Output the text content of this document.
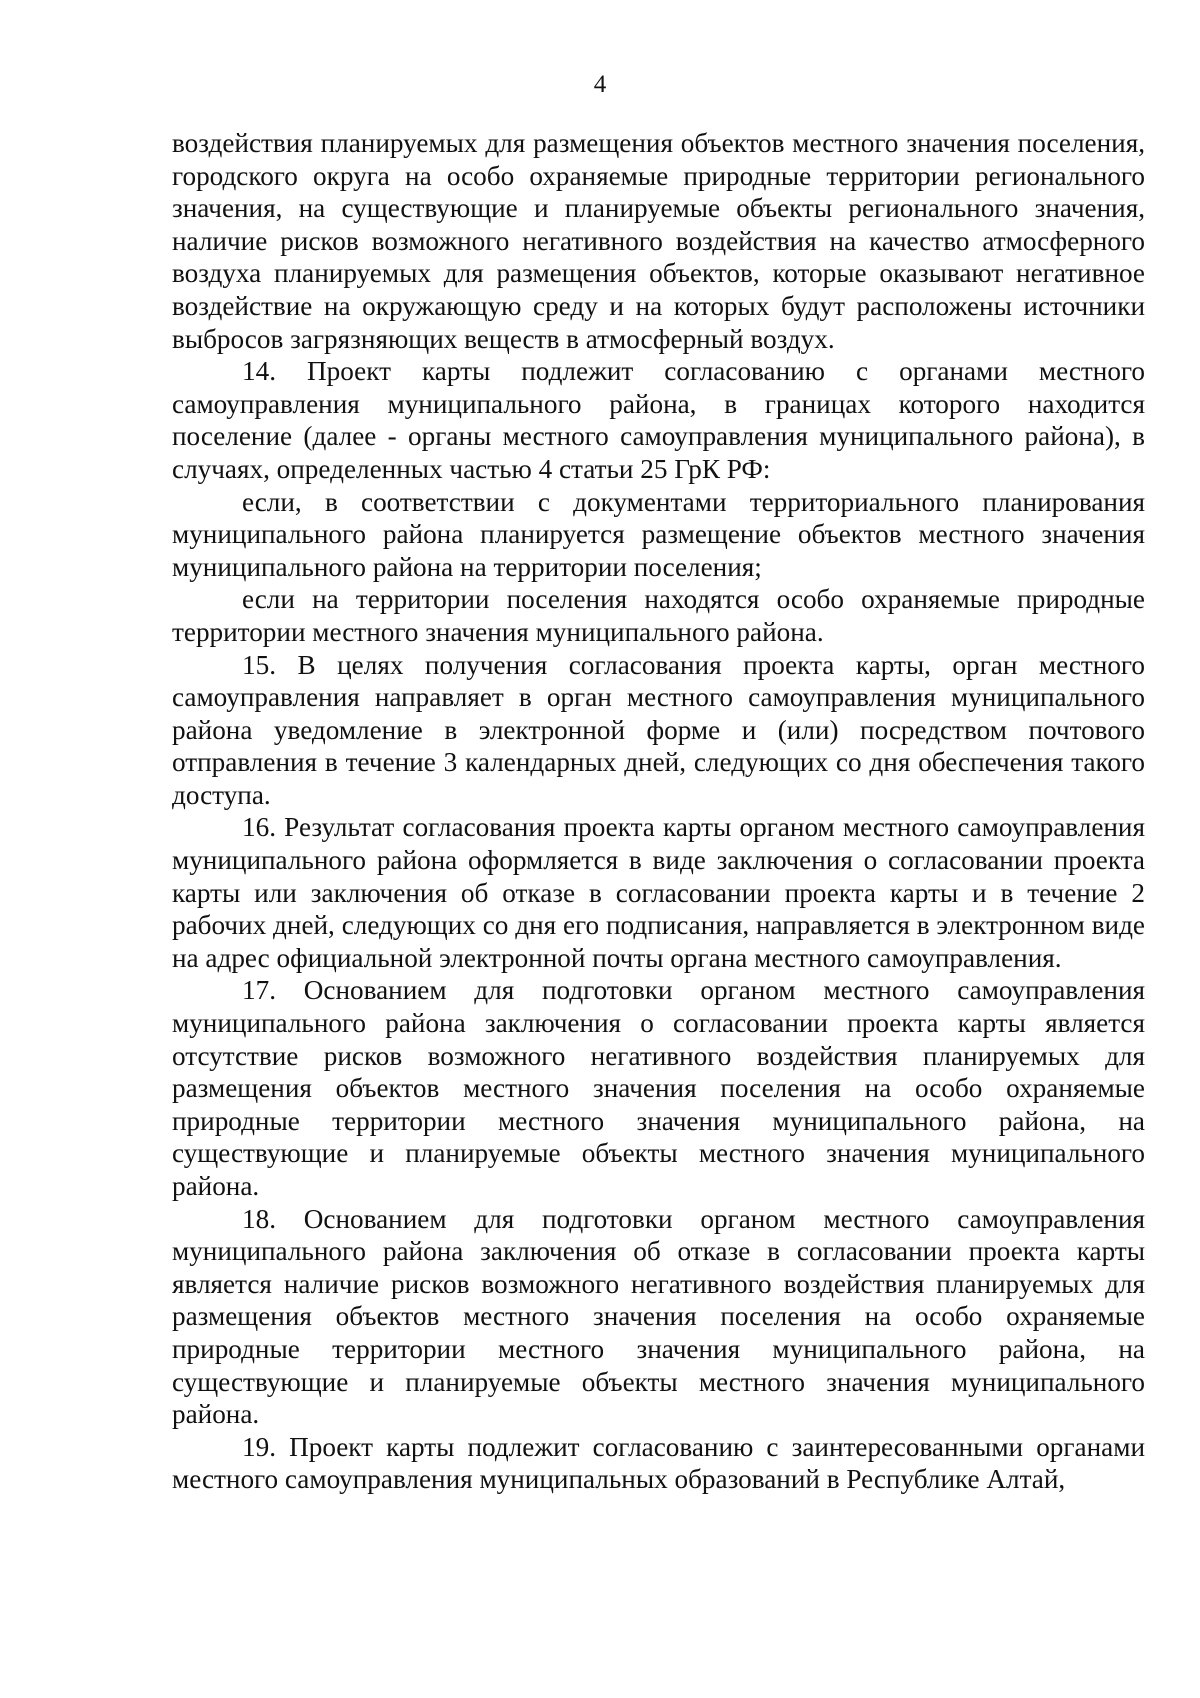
4

воздействия планируемых для размещения объектов местного значения поселения, городского округа на особо охраняемые природные территории регионального значения, на существующие и планируемые объекты регионального значения, наличие рисков возможного негативного воздействия на качество атмосферного воздуха планируемых для размещения объектов, которые оказывают негативное воздействие на окружающую среду и на которых будут расположены источники выбросов загрязняющих веществ в атмосферный воздух.

14. Проект карты подлежит согласованию с органами местного самоуправления муниципального района, в границах которого находится поселение (далее - органы местного самоуправления муниципального района), в случаях, определенных частью 4 статьи 25 ГрК РФ:

если, в соответствии с документами территориального планирования муниципального района планируется размещение объектов местного значения муниципального района на территории поселения;

если на территории поселения находятся особо охраняемые природные территории местного значения муниципального района.

15. В целях получения согласования проекта карты, орган местного самоуправления направляет в орган местного самоуправления муниципального района уведомление в электронной форме и (или) посредством почтового отправления в течение 3 календарных дней, следующих со дня обеспечения такого доступа.

16. Результат согласования проекта карты органом местного самоуправления муниципального района оформляется в виде заключения о согласовании проекта карты или заключения об отказе в согласовании проекта карты и в течение 2 рабочих дней, следующих со дня его подписания, направляется в электронном виде на адрес официальной электронной почты органа местного самоуправления.

17. Основанием для подготовки органом местного самоуправления муниципального района заключения о согласовании проекта карты является отсутствие рисков возможного негативного воздействия планируемых для размещения объектов местного значения поселения на особо охраняемые природные территории местного значения муниципального района, на существующие и планируемые объекты местного значения муниципального района.

18. Основанием для подготовки органом местного самоуправления муниципального района заключения об отказе в согласовании проекта карты является наличие рисков возможного негативного воздействия планируемых для размещения объектов местного значения поселения на особо охраняемые природные территории местного значения муниципального района, на существующие и планируемые объекты местного значения муниципального района.

19. Проект карты подлежит согласованию с заинтересованными органами местного самоуправления муниципальных образований в Республике Алтай,
